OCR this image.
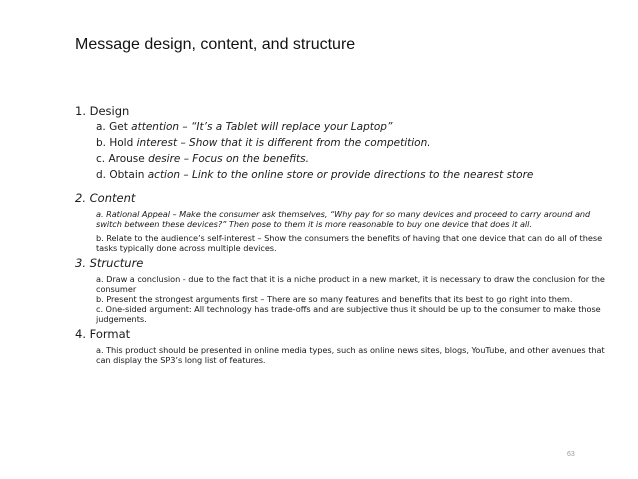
Message design, content, and structure
1. Design
a. Get attention – “It’s a Tablet will replace your Laptop”
b. Hold interest – Show that it is different from the competition.
c. Arouse desire – Focus on the benefits.
d. Obtain action – Link to the online store or provide directions to the nearest store
2. Content
a. Rational Appeal – Make the consumer ask themselves, “Why pay for so many devices and proceed to carry around and switch between these devices?” Then pose to them it is more reasonable to buy one device that does it all.
b. Relate to the audience’s self-interest – Show the consumers the benefits of having that one device that can do all of these tasks typically done across multiple devices.
3. Structure
a. Draw a conclusion - due to the fact that it is a niche product in a new market, it is necessary to draw the conclusion for the consumer
b. Present the strongest arguments first – There are so many features and benefits that its best to go right into them.
c. One-sided argument: All technology has trade-offs and are subjective thus it should be up to the consumer to make those judgements.
4. Format
a. This product should be presented in online media types, such as online news sites, blogs, YouTube, and other avenues that can display the SP3’s long list of features.
63
